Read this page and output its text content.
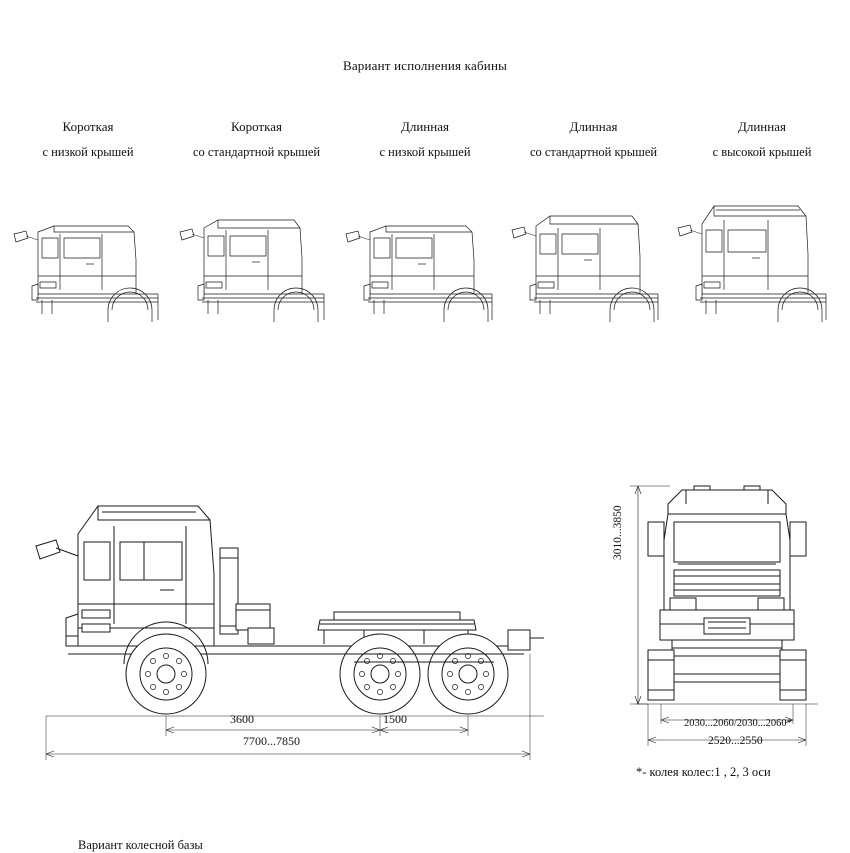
Вариант исполнения кабины
Короткая
с низкой крышей
Короткая
со стандартной крышей
Длинная
с низкой крышей
Длинная
со стандартной крышей
Длинная
с высокой крышей
3600	1500
7700...7850
3010...3850
2030...2060/2030...2060*
2520...2550
*- колея колес:1 , 2, 3 оси
Вариант колесной базы
